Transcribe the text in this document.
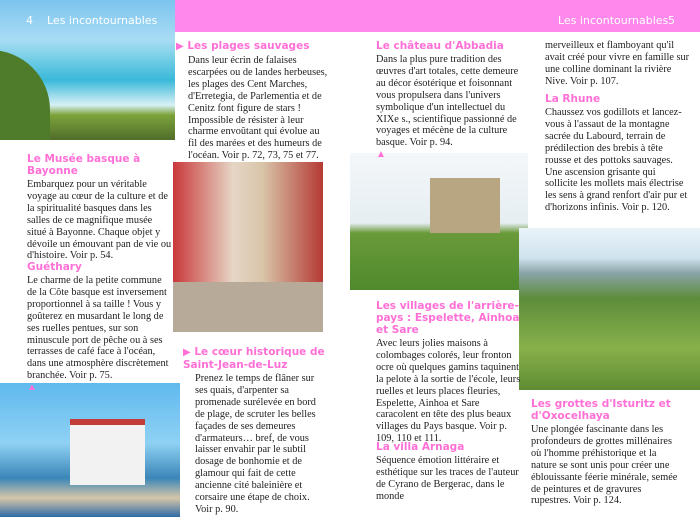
4 Les incontournables	Les incontournables 5
▶ Les plages sauvages

Dans leur écrin de falaises escarpées ou de landes herbeuses, les plages des Cent Marches, d'Erretegia, de Parlementia et de Cenitz font figure de stars ! Impossible de résister à leur charme envoûtant qui évolue au fil des marées et des humeurs de l'océan. Voir p. 72, 73, 75 et 77.

Le Musée basque à Bayonne

Embarquez pour un véritable voyage au cœur de la culture et de la spiritualité basques dans les salles de ce magnifique musée situé à Bayonne. Chaque objet y dévoile un émouvant pan de vie ou d'histoire. Voir p. 54.

Guéthary

Le charme de la petite commune de la Côte basque est inversement proportionnel à sa taille ! Vous y goûterez en musardant le long de ses ruelles pentues, sur son minuscule port de pêche ou à ses terrasses de café face à l'océan, dans une atmosphère discrètement branchée. Voir p. 75.

▲
▶ Le cœur historique de Saint-Jean-de-Luz

Prenez le temps de flâner sur ses quais, d'arpenter sa promenade surélevée en bord de plage, de scruter les belles façades de ses demeures d'armateurs… bref, de vous laisser envahir par le subtil dosage de bonhomie et de glamour qui fait de cette ancienne cité baleinière et corsaire une étape de choix. Voir p. 90.

Le château d'Abbadia

Dans la plus pure tradition des œuvres d'art totales, cette demeure au décor ésotérique et foisonnant vous propulsera dans l'univers symbolique d'un intellectuel du XIXe s., scientifique passionné de voyages et mécène de la culture basque. Voir p. 94.

▲
Les villages de l'arrière-pays : Espelette, Ainhoa et Sare

Avec leurs jolies maisons à colombages colorés, leur fronton ocre où quelques gamins taquinent la pelote à la sortie de l'école, leurs ruelles et leurs places fleuries, Espelette, Ainhoa et Sare caracolent en tête des plus beaux villages du Pays basque. Voir p. 109, 110 et 111.

La villa Arnaga

Séquence émotion littéraire et esthétique sur les traces de l'auteur de Cyrano de Bergerac, dans le monde

merveilleux et flamboyant qu'il avait créé pour vivre en famille sur une colline dominant la rivière Nive. Voir p. 107.

La Rhune

Chaussez vos godillots et lancez-vous à l'assaut de la montagne sacrée du Labourd, terrain de prédilection des brebis à tête rousse et des pottoks sauvages. Une ascension grisante qui sollicite les mollets mais électrise les sens à grand renfort d'air pur et d'horizons infinis. Voir p. 120.

Les grottes d'Isturitz et d'Oxocelhaya

Une plongée fascinante dans les profondeurs de grottes millénaires où l'homme préhistorique et la nature se sont unis pour créer une éblouissante féerie minérale, semée de peintures et de gravures rupestres. Voir p. 124.
